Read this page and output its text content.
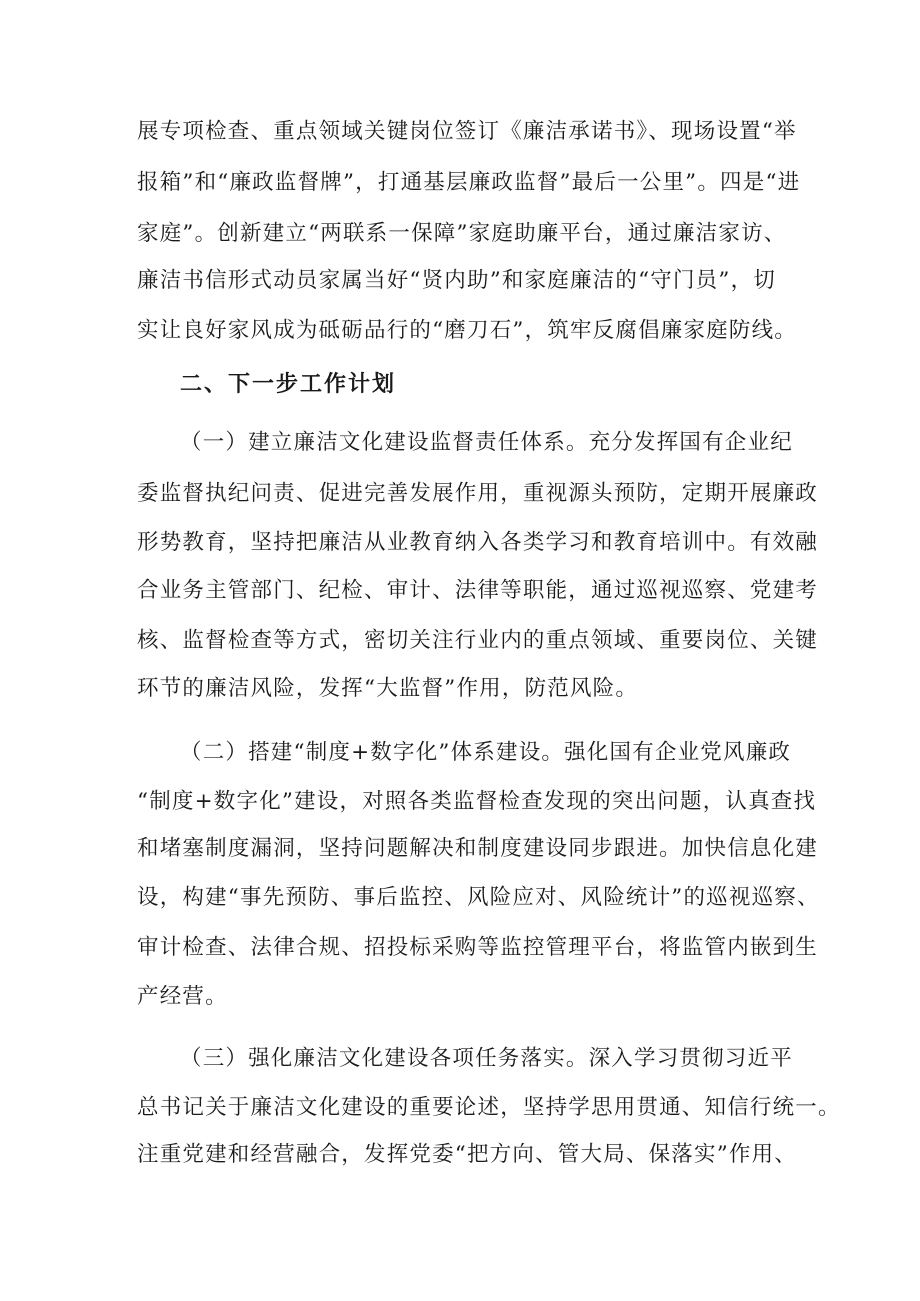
展专项检查、重点领域关键岗位签订《廉洁承诺书》、现场设置“举
报箱”和“廉政监督牌”，打通基层廉政监督”最后一公里”。四是“进
家庭”。创新建立“两联系一保障”家庭助廉平台，通过廉洁家访、
廉洁书信形式动员家属当好“贤内助”和家庭廉洁的“守门员”，切
实让良好家风成为砥砺品行的“磨刀石”，筑牢反腐倡廉家庭防线。
二、下一步工作计划
（一）建立廉洁文化建设监督责任体系。充分发挥国有企业纪
委监督执纪问责、促进完善发展作用，重视源头预防，定期开展廉政
形势教育，坚持把廉洁从业教育纳入各类学习和教育培训中。有效融
合业务主管部门、纪检、审计、法律等职能，通过巡视巡察、党建考
核、监督检查等方式，密切关注行业内的重点领域、重要岗位、关键
环节的廉洁风险，发挥“大监督”作用，防范风险。
（二）搭建“制度+数字化”体系建设。强化国有企业党风廉政
“制度+数字化”建设，对照各类监督检查发现的突出问题，认真查找
和堵塞制度漏洞，坚持问题解决和制度建设同步跟进。加快信息化建
设，构建“事先预防、事后监控、风险应对、风险统计”的巡视巡察、
审计检查、法律合规、招投标采购等监控管理平台，将监管内嵌到生
产经营。
（三）强化廉洁文化建设各项任务落实。深入学习贯彻习近平
总书记关于廉洁文化建设的重要论述，坚持学思用贯通、知信行统一。
注重党建和经营融合，发挥党委“把方向、管大局、保落实”作用、
